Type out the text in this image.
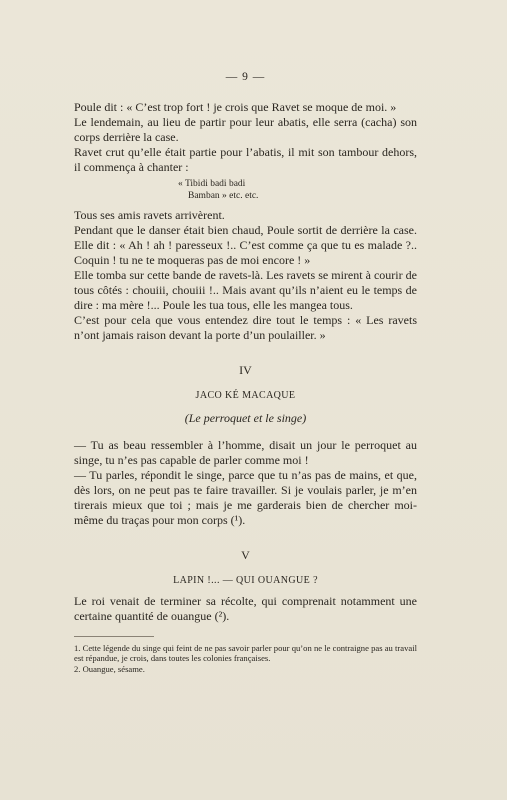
— 9 —

Poule dit : « C’est trop fort ! je crois que Ravet se moque de moi. »

Le lendemain, au lieu de partir pour leur abatis, elle serra (cacha) son corps derrière la case.

Ravet crut qu’elle était partie pour l’abatis, il mit son tambour dehors, il commença à chanter :

« Tibidi badi badi
Bamban » etc. etc.

Tous ses amis ravets arrivèrent.

Pendant que le danser était bien chaud, Poule sortit de derrière la case. Elle dit : « Ah ! ah ! paresseux !.. C’est comme ça que tu es malade ?.. Coquin ! tu ne te moqueras pas de moi encore ! »

Elle tomba sur cette bande de ravets-là. Les ravets se mirent à courir de tous côtés : chouiii, chouiii !.. Mais avant qu’ils n’aient eu le temps de dire : ma mère !... Poule les tua tous, elle les mangea tous.

C’est pour cela que vous entendez dire tout le temps : « Les ravets n’ont jamais raison devant la porte d’un poulailler. »

IV
JACO KÉ MACAQUE
(Le perroquet et le singe)

— Tu as beau ressembler à l’homme, disait un jour le perroquet au singe, tu n’es pas capable de parler comme moi !

— Tu parles, répondit le singe, parce que tu n’as pas de mains, et que, dès lors, on ne peut pas te faire travailler. Si je voulais parler, je m’en tirerais mieux que toi ; mais je me garderais bien de chercher moi-même du traças pour mon corps (¹).

V
LAPIN !... — QUI OUANGUE ?

Le roi venait de terminer sa récolte, qui comprenait notamment une certaine quantité de ouangue (²).

1. Cette légende du singe qui feint de ne pas savoir parler pour qu’on ne le contraigne pas au travail est répandue, je crois, dans toutes les colonies françaises.
2. Ouangue, sésame.
